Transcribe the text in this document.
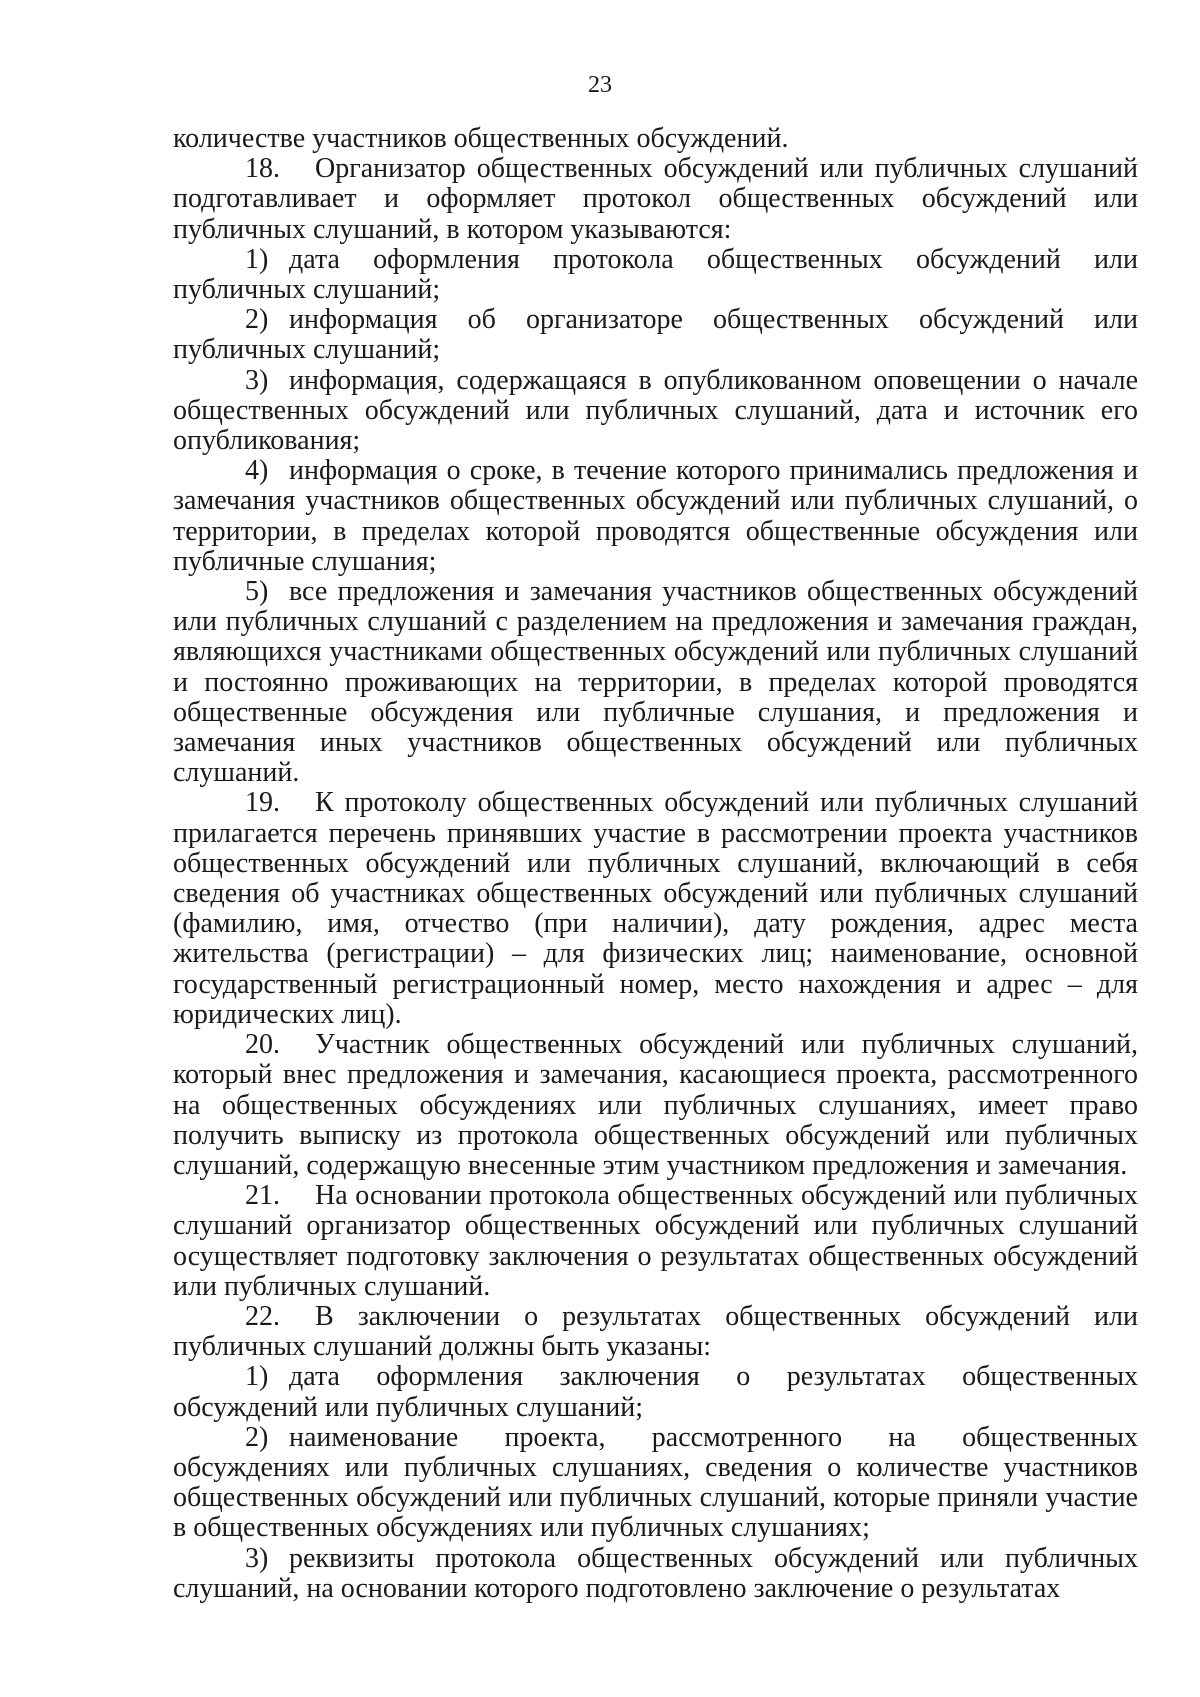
23

количестве участников общественных обсуждений.

18. Организатор общественных обсуждений или публичных слушаний подготавливает и оформляет протокол общественных обсуждений или публичных слушаний, в котором указываются:

1) дата оформления протокола общественных обсуждений или публичных слушаний;

2) информация об организаторе общественных обсуждений или публичных слушаний;

3) информация, содержащаяся в опубликованном оповещении о начале общественных обсуждений или публичных слушаний, дата и источник его опубликования;

4) информация о сроке, в течение которого принимались предложения и замечания участников общественных обсуждений или публичных слушаний, о территории, в пределах которой проводятся общественные обсуждения или публичные слушания;

5) все предложения и замечания участников общественных обсуждений или публичных слушаний с разделением на предложения и замечания граждан, являющихся участниками общественных обсуждений или публичных слушаний и постоянно проживающих на территории, в пределах которой проводятся общественные обсуждения или публичные слушания, и предложения и замечания иных участников общественных обсуждений или публичных слушаний.

19. К протоколу общественных обсуждений или публичных слушаний прилагается перечень принявших участие в рассмотрении проекта участников общественных обсуждений или публичных слушаний, включающий в себя сведения об участниках общественных обсуждений или публичных слушаний (фамилию, имя, отчество (при наличии), дату рождения, адрес места жительства (регистрации) – для физических лиц; наименование, основной государственный регистрационный номер, место нахождения и адрес – для юридических лиц).

20. Участник общественных обсуждений или публичных слушаний, который внес предложения и замечания, касающиеся проекта, рассмотренного на общественных обсуждениях или публичных слушаниях, имеет право получить выписку из протокола общественных обсуждений или публичных слушаний, содержащую внесенные этим участником предложения и замечания.

21. На основании протокола общественных обсуждений или публичных слушаний организатор общественных обсуждений или публичных слушаний осуществляет подготовку заключения о результатах общественных обсуждений или публичных слушаний.

22. В заключении о результатах общественных обсуждений или публичных слушаний должны быть указаны:

1) дата оформления заключения о результатах общественных обсуждений или публичных слушаний;

2) наименование проекта, рассмотренного на общественных обсуждениях или публичных слушаниях, сведения о количестве участников общественных обсуждений или публичных слушаний, которые приняли участие в общественных обсуждениях или публичных слушаниях;

3) реквизиты протокола общественных обсуждений или публичных слушаний, на основании которого подготовлено заключение о результатах
